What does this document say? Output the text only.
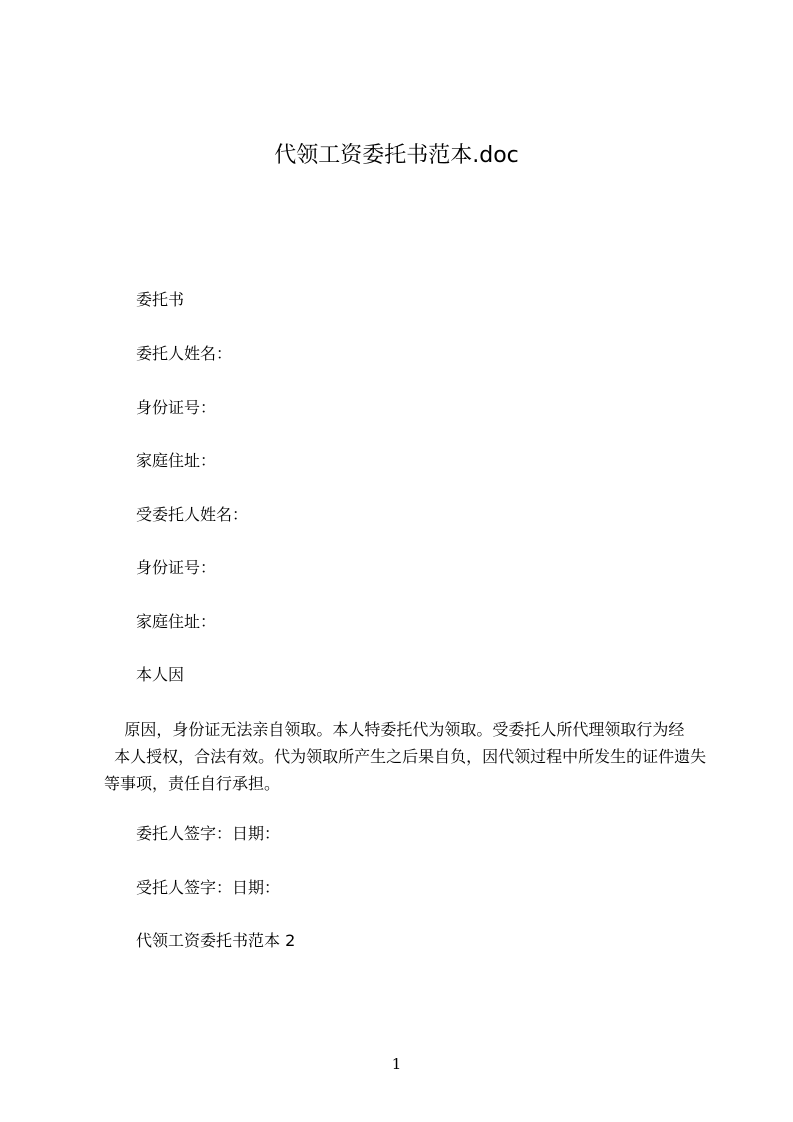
代领工资委托书范本.doc
委托书
委托人姓名：
身份证号：
家庭住址：
受委托人姓名：
身份证号：
家庭住址：
本人因
原因，身份证无法亲自领取。本人特委托代为领取。受委托人所代理领取行为经
本人授权，合法有效。代为领取所产生之后果自负，因代领过程中所发生的证件遗失
等事项，责任自行承担。
委托人签字：日期：
受托人签字：日期：
代领工资委托书范本 2
1
